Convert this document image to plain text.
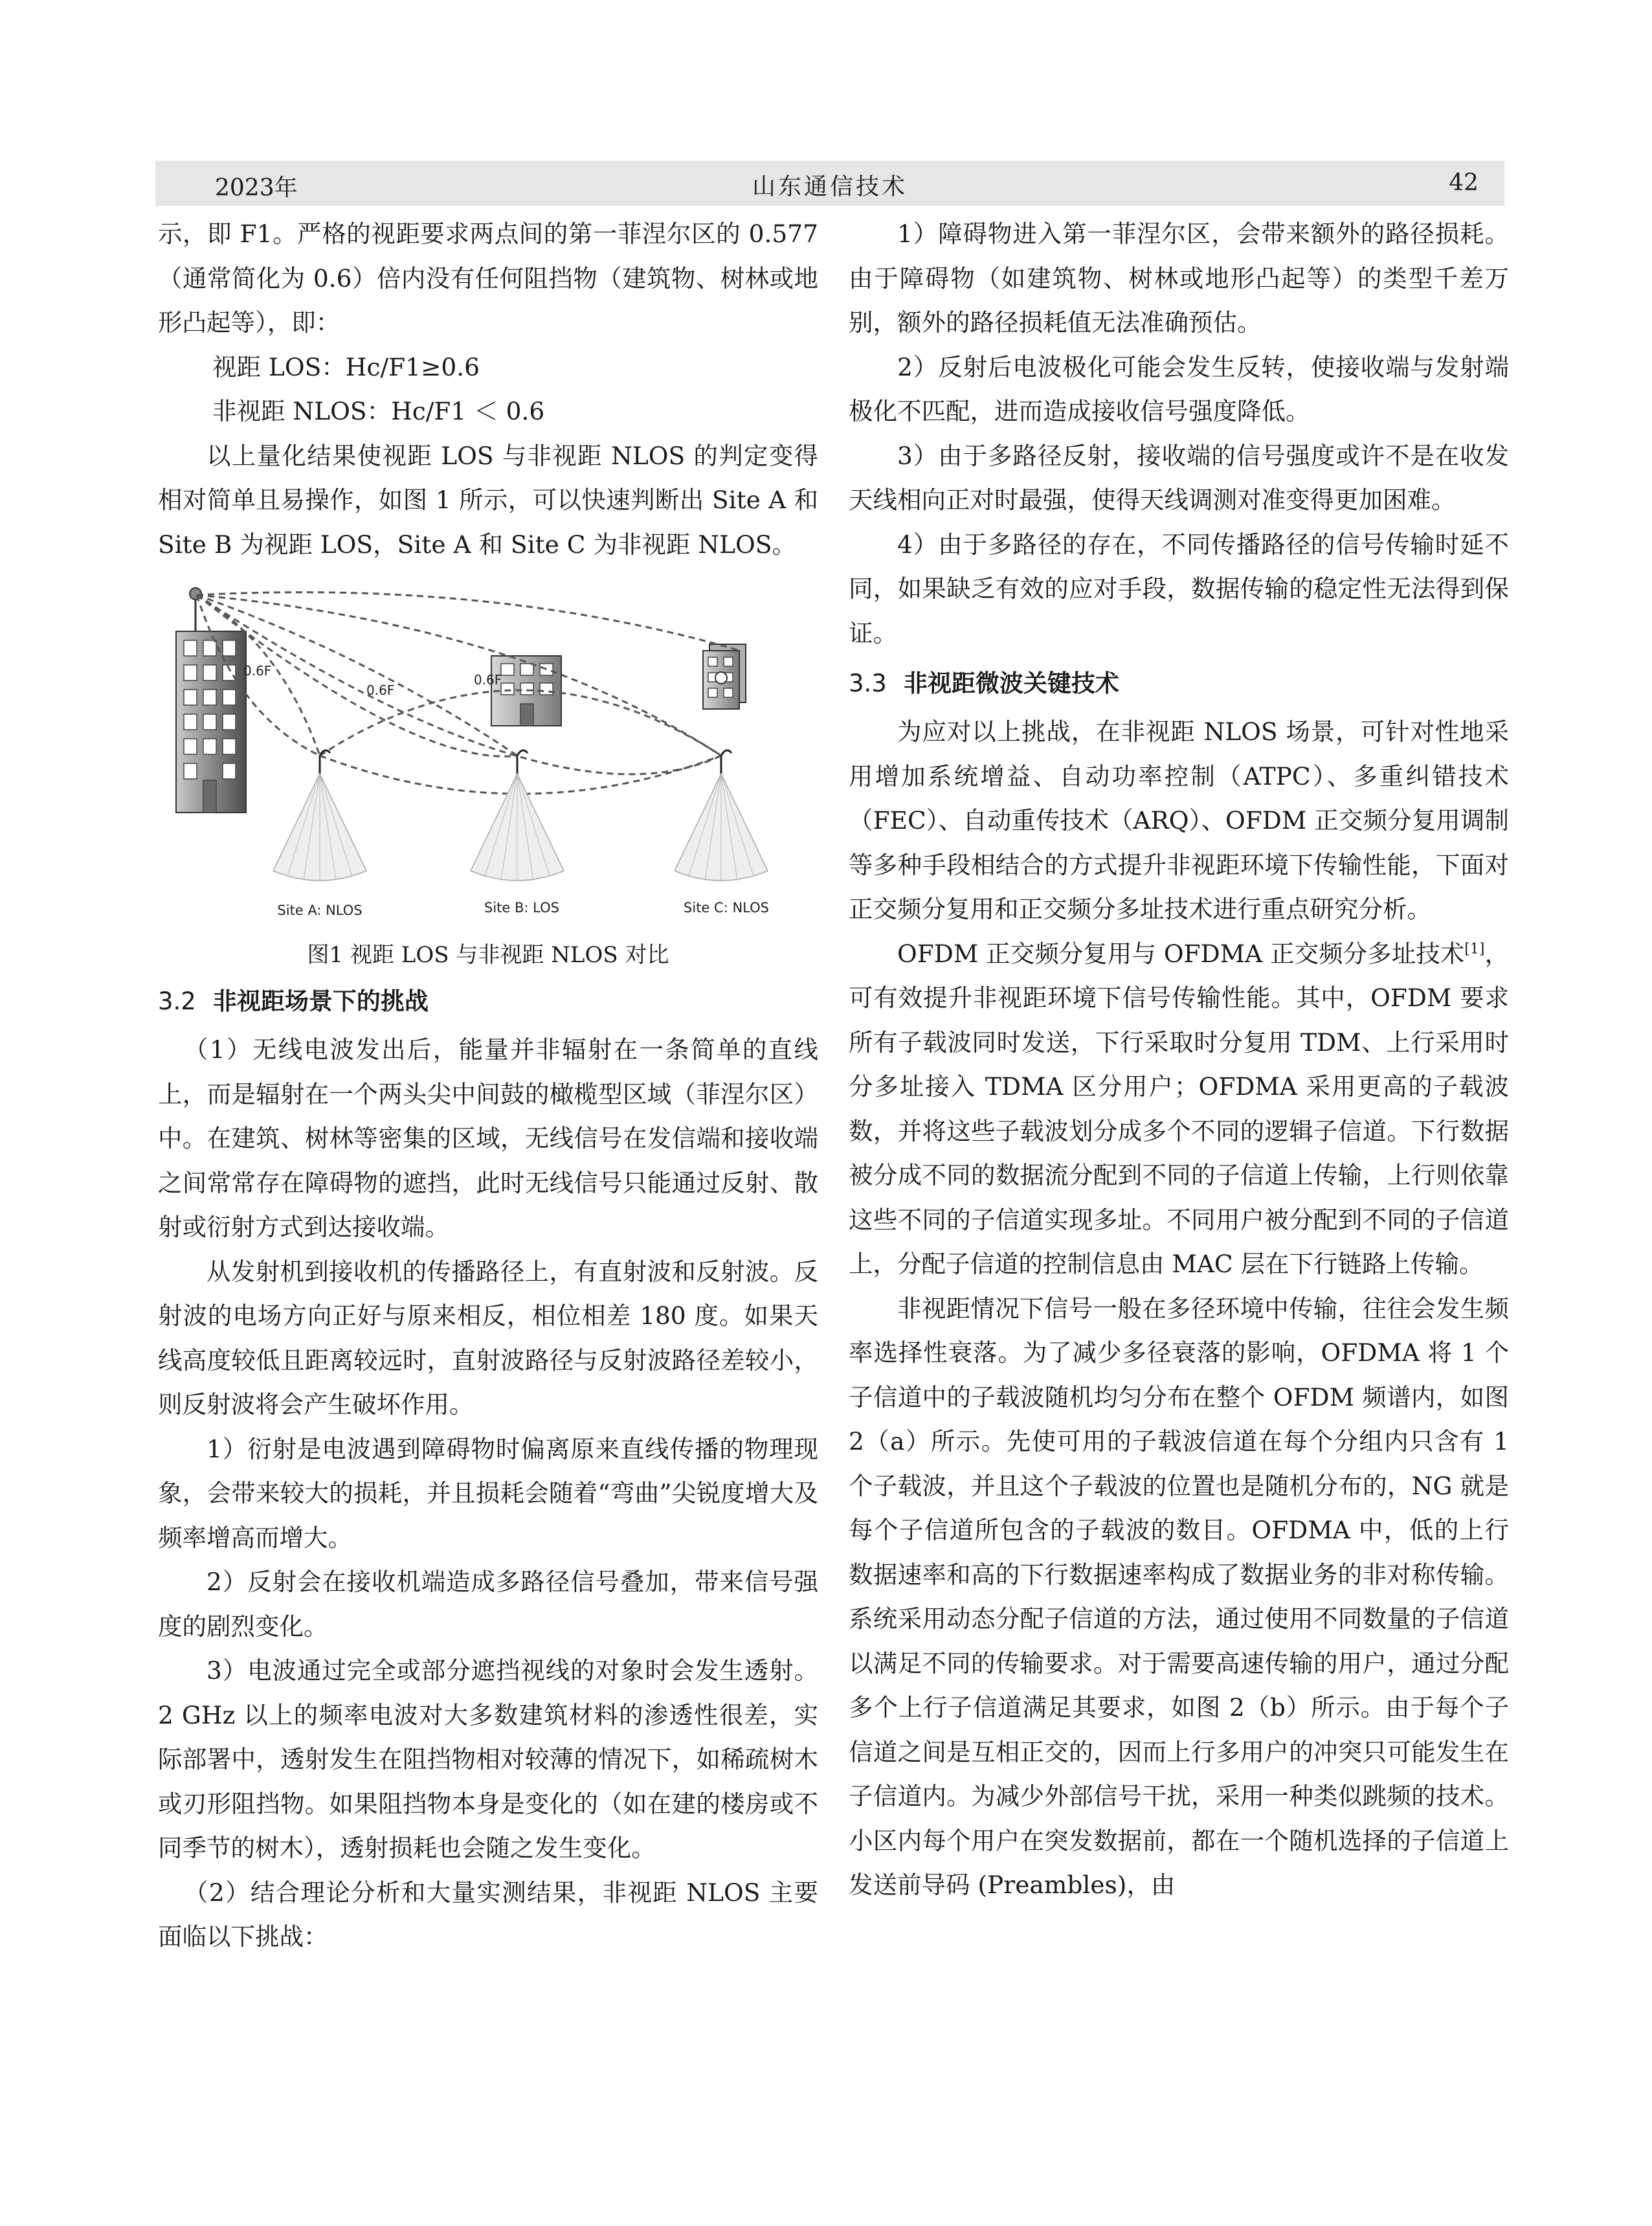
2023年	山东通信技术	42

示，即 F1。严格的视距要求两点间的第一菲涅尔区的 0.577（通常简化为 0.6）倍内没有任何阻挡物（建筑物、树林或地形凸起等），即：

视距 LOS：Hc/F1≥0.6

非视距 NLOS：Hc/F1 ＜ 0.6

以上量化结果使视距 LOS 与非视距 NLOS 的判定变得相对简单且易操作，如图 1 所示，可以快速判断出 Site A 和 Site B 为视距 LOS，Site A 和 Site C 为非视距 NLOS。

0.6F
0.6F
0.6F
Site A: NLOS	Site B: LOS	Site C: NLOS
图1 视距 LOS 与非视距 NLOS 对比
3.2 非视距场景下的挑战

（1）无线电波发出后，能量并非辐射在一条简单的直线上，而是辐射在一个两头尖中间鼓的橄榄型区域（菲涅尔区）中。在建筑、树林等密集的区域，无线信号在发信端和接收端之间常常存在障碍物的遮挡，此时无线信号只能通过反射、散射或衍射方式到达接收端。

从发射机到接收机的传播路径上，有直射波和反射波。反射波的电场方向正好与原来相反，相位相差 180 度。如果天线高度较低且距离较远时，直射波路径与反射波路径差较小，则反射波将会产生破坏作用。

1）衍射是电波遇到障碍物时偏离原来直线传播的物理现象，会带来较大的损耗，并且损耗会随着“弯曲”尖锐度增大及频率增高而增大。

2）反射会在接收机端造成多路径信号叠加，带来信号强度的剧烈变化。

3）电波通过完全或部分遮挡视线的对象时会发生透射。2 GHz 以上的频率电波对大多数建筑材料的渗透性很差，实际部署中，透射发生在阻挡物相对较薄的情况下，如稀疏树木或刃形阻挡物。如果阻挡物本身是变化的（如在建的楼房或不同季节的树木），透射损耗也会随之发生变化。

（2）结合理论分析和大量实测结果，非视距 NLOS 主要面临以下挑战：

1）障碍物进入第一菲涅尔区，会带来额外的路径损耗。由于障碍物（如建筑物、树林或地形凸起等）的类型千差万别，额外的路径损耗值无法准确预估。

2）反射后电波极化可能会发生反转，使接收端与发射端极化不匹配，进而造成接收信号强度降低。

3）由于多路径反射，接收端的信号强度或许不是在收发天线相向正对时最强，使得天线调测对准变得更加困难。

4）由于多路径的存在，不同传播路径的信号传输时延不同，如果缺乏有效的应对手段，数据传输的稳定性无法得到保证。

3.3 非视距微波关键技术

为应对以上挑战，在非视距 NLOS 场景，可针对性地采用增加系统增益、自动功率控制（ATPC）、多重纠错技术（FEC）、自动重传技术（ARQ）、OFDM 正交频分复用调制等多种手段相结合的方式提升非视距环境下传输性能，下面对正交频分复用和正交频分多址技术进行重点研究分析。

OFDM 正交频分复用与 OFDMA 正交频分多址技术[1]，可有效提升非视距环境下信号传输性能。其中，OFDM 要求所有子载波同时发送，下行采取时分复用 TDM、上行采用时分多址接入 TDMA 区分用户；OFDMA 采用更高的子载波数，并将这些子载波划分成多个不同的逻辑子信道。下行数据被分成不同的数据流分配到不同的子信道上传输，上行则依靠这些不同的子信道实现多址。不同用户被分配到不同的子信道上，分配子信道的控制信息由 MAC 层在下行链路上传输。

非视距情况下信号一般在多径环境中传输，往往会发生频率选择性衰落。为了减少多径衰落的影响，OFDMA 将 1 个子信道中的子载波随机均匀分布在整个 OFDM 频谱内，如图 2（a）所示。先使可用的子载波信道在每个分组内只含有 1 个子载波，并且这个子载波的位置也是随机分布的，NG 就是每个子信道所包含的子载波的数目。OFDMA 中，低的上行数据速率和高的下行数据速率构成了数据业务的非对称传输。系统采用动态分配子信道的方法，通过使用不同数量的子信道以满足不同的传输要求。对于需要高速传输的用户，通过分配多个上行子信道满足其要求，如图 2（b）所示。由于每个子信道之间是互相正交的，因而上行多用户的冲突只可能发生在子信道内。为减少外部信号干扰，采用一种类似跳频的技术。小区内每个用户在突发数据前，都在一个随机选择的子信道上发送前导码 (Preambles)，由
